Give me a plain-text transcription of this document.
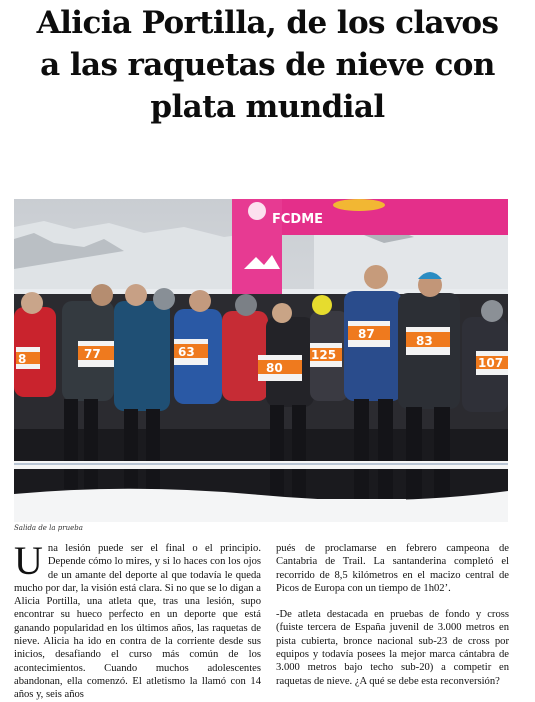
Alicia Portilla, de los clavos
a las raquetas de nieve con
plata mundial
FCDME
8	77	63
80
125
87	83
107
Salida de la prueba
U na lesión puede ser el final o el principio. Depende cómo lo mires, y si lo haces con los ojos de un amante del deporte al que todavía le queda mucho por dar, la visión está clara. Si no que se lo digan a Alicia Portilla, una atleta que, tras una lesión, supo encontrar su hueco perfecto en un deporte que está ganando popularidad en los últimos años, las raquetas de nieve. Alicia ha ido en contra de la corriente desde sus inicios, desafiando el curso más común de los acontecimientos. Cuando muchos adolescentes abandonan, ella comenzó. El atletismo la llamó con 14 años y, seis años

pués de proclamarse en febrero campeona de Cantabria de Trail. La santanderina completó el recorrido de 8,5 kilómetros en el macizo central de Picos de Europa con un tiempo de 1h02’.

-De atleta destacada en pruebas de fondo y cross (fuiste tercera de España juvenil de 3.000 metros en pista cubierta, bronce nacional sub-23 de cross por equipos y todavía posees la mejor marca cántabra de 3.000 metros bajo techo sub-20) a competir en raquetas de nieve. ¿A qué se debe esta reconversión?
